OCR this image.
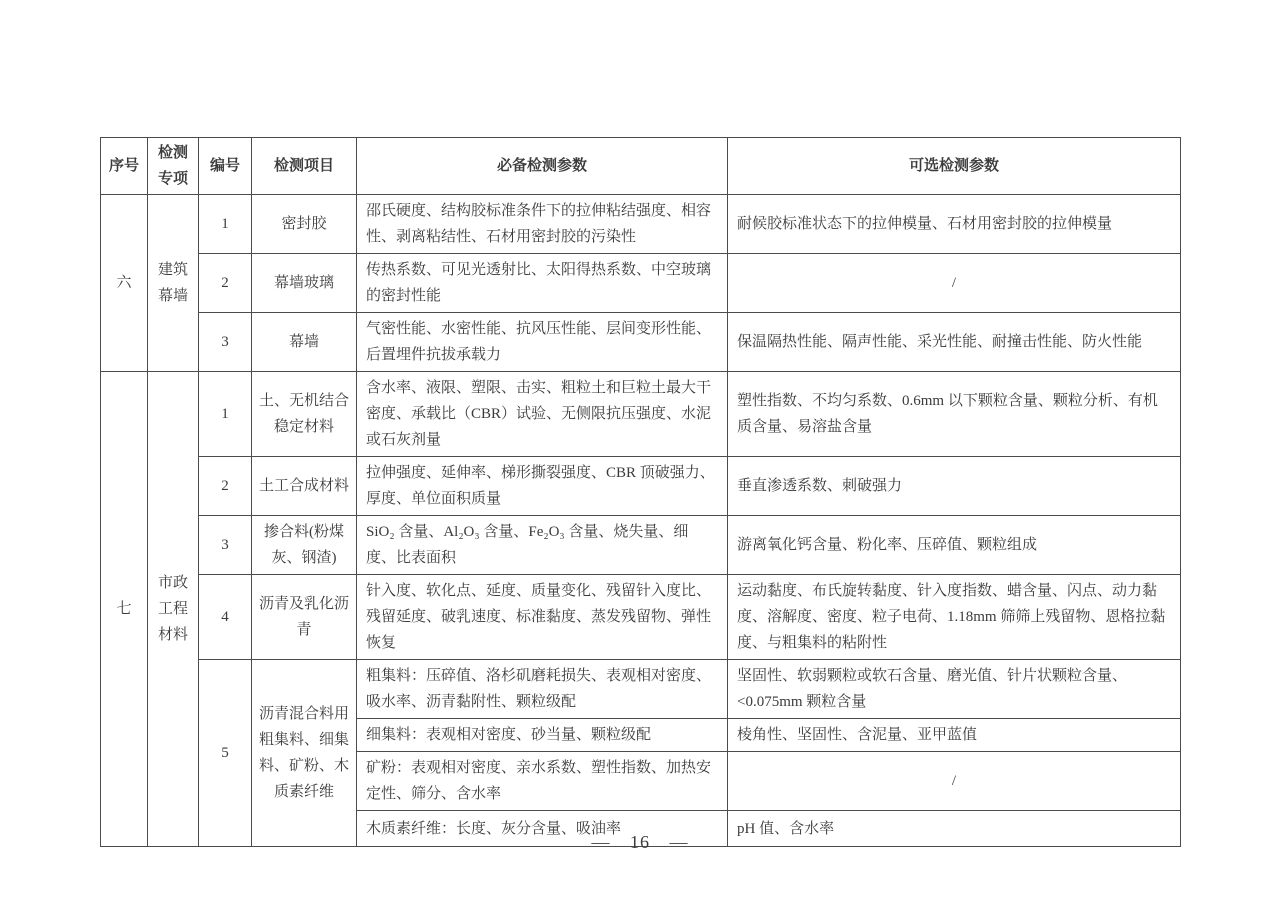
序号	检测专项	编号	检测项目	必备检测参数	可选检测参数
六	建筑幕墙	1	密封胶	邵氏硬度、结构胶标准条件下的拉伸粘结强度、相容性、剥离粘结性、石材用密封胶的污染性	耐候胶标准状态下的拉伸模量、石材用密封胶的拉伸模量
		2	幕墙玻璃	传热系数、可见光透射比、太阳得热系数、中空玻璃的密封性能	/
		3	幕墙	气密性能、水密性能、抗风压性能、层间变形性能、后置埋件抗拔承载力	保温隔热性能、隔声性能、采光性能、耐撞击性能、防火性能
七	市政工程材料	1	土、无机结合稳定材料	含水率、液限、塑限、击实、粗粒土和巨粒土最大干密度、承载比（CBR）试验、无侧限抗压强度、水泥或石灰剂量	塑性指数、不均匀系数、0.6mm 以下颗粒含量、颗粒分析、有机质含量、易溶盐含量
		2	土工合成材料	拉伸强度、延伸率、梯形撕裂强度、CBR 顶破强力、厚度、单位面积质量	垂直渗透系数、刺破强力
		3	掺合料(粉煤灰、钢渣)	SiO₂ 含量、Al₂O₃ 含量、Fe₂O₃ 含量、烧失量、细度、比表面积	游离氧化钙含量、粉化率、压碎值、颗粒组成
		4	沥青及乳化沥青	针入度、软化点、延度、质量变化、残留针入度比、残留延度、破乳速度、标准黏度、蒸发残留物、弹性恢复	运动黏度、布氏旋转黏度、针入度指数、蜡含量、闪点、动力黏度、溶解度、密度、粒子电荷、1.18mm 筛筛上残留物、恩格拉黏度、与粗集料的粘附性
		5	沥青混合料用粗集料、细集料、矿粉、木质素纤维	粗集料：压碎值、洛杉矶磨耗损失、表观相对密度、吸水率、沥青黏附性、颗粒级配	坚固性、软弱颗粒或软石含量、磨光值、针片状颗粒含量、<0.075mm 颗粒含量
				细集料：表观相对密度、砂当量、颗粒级配	棱角性、坚固性、含泥量、亚甲蓝值
				矿粉：表观相对密度、亲水系数、塑性指数、加热安定性、筛分、含水率	/
				木质素纤维：长度、灰分含量、吸油率	pH 值、含水率
— 16 —
